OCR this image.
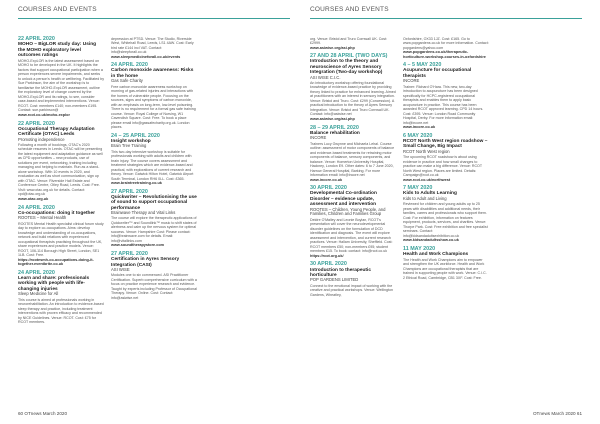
COURSES AND EVENTS	COURSES AND EVENTS
22 APRIL 2020
MOHO – BigLOR study day: Using the MOHO exploratory level outcomes ratings
MOHO-ExpLOR is the latest assessment based on MOHO to be developed in the UK. It highlights the factors that support occupational participation when a person experiences severe impairments, and seeks to unlock a person's health or wellbeing. Facilitated by Sue Parkinson, the aim of the workshop is to familiarise the MOHO-ExpLOR assessment, outline the exploratory level of change covered by the MOHO-ExpLOR and its ratings, to see, consider case-based and implemented interventions. Venue: RCOT. Cost: members £140; non-members £195. Contact: sue.parkinson@
www.rcot.co.uk/moho-explor
22 APRIL 2020
Occupational Therapy Adaptation Certificate (OTAC) Leeds
Promoting independence
Following a month of bookings, OTAC's 2020 schedule resumes in Leeds. OTAC will be presenting the latest equipment and adaptation guidance as well as CPD opportunities – new products, use of solutions per event, networking, training including managing and helping to maintain. Run as a stand-alone workshop. With 10 events in 2020, and evaluation as well as short communication, sign up with OTAC. Venue: Riverside Hall Estate and Conference Centre, Otley Road, Leeds. Cost: Free. Visit: www.otac.org.uk for details. Contact: cpd@otac.org.uk
www.otac.org.uk
24 APRIL 2020
Co-occupations: doing it together
ROOTES – Mental Health
ROOTES Mental Health specialist clinical forum study day to explore co-occupations. Aims: develop knowledge and understanding of co-occupations, network and build relations with experienced occupational therapists practising throughout the UK, share experiences and practice models. Venue: ROOT, 106-114 Borough High Street, London, SE1 1LB. Cost: Free.
https://rootesmh-co-occupations-doing-it-together.eventbrite.co.uk
24 APRIL 2020
Learn and share: professionals working with people with life-changing injuries
Sleep Medicine for All
This course is aimed at professionals working in neurorehabilitation. An introduction to evidence-based sleep therapy and practice, including treatment interventions with proven efficacy and recommended by NICE Guidelines. Venue: RCOT. Cost: £75 for RCOT members.
depression at PTSD. Venue: The Studio, Riverside West, Whitehall Road, Leeds, LS1 4AW. Cost: Early bird rate £144 incl VAT. Contact: info@sleepforall.co.uk
www.sleepmedicineforall.co.uk/events
24 APRIL 2020
Carbon monoxide awareness: Risks in the home
Gas Safe Charity
Free carbon monoxide awareness workshop on morning of gas-related injuries and interactions with the homes of vulnerable people. Focusing on the sources, signs and symptoms of carbon monoxide, with an emphasis on long-term, low-level poisoning. There is no requirement for a formal gas safe training course. Venue: Royal College of Nursing, W1 Cavendish Square. Cost: Free. To book a place please email info@gassafecharity.org.uk. London places.
24 – 25 APRIL 2020
Insight workshop
Brain Tree Training
This two-day intensive workshop is suitable for professionals working with adults and children with brain injury. The course covers assessment and treatment strategies which are evidence-based and practical, with explorations of current research and theory. Venue: Gatwick Hilton Hotel, Gatwick Airport South Terminal, London RH6 0LL. Cost: £365.
www.braintreetraining.co.uk
27 APRIL 2020
Quickwriter – Revolutionising the use of sound to support occupational performance
Brainwave Therapy and Vital Links
The course will explore the therapeutic applications of Quickwriter™ and Soundlink™ music to shift states of alertness and calm up the nervous system for optimal success. Venue: Hampshire Cost: Please contact: info@brainwave.com for details. Email: info@vitallinks.com
www.soundtherapystore.com
27 APRIL 2020
Certification in Ayres Sensory Integration (CASI)
ASI WISE
Modules one to six commenced. ASI Practitioner Certification. Superb comprehensive curriculum with a focus on practice experience research and evidence. Taught by experts including Professor of Occupational Therapy. Venue: Online. Cost: Contact: info@asiwise.net
org. Venue: Bristol and Truro Cornwall UK. Cost: £2999.
www.asiwise.org/asi.php
27 AND 28 APRIL (TWO DAYS)
Introduction to the theory and neuroscience of Ayres Sensory Integration (Two-day workshop)
ASI WISE C.I.C.
An introductory workshop offering foundational knowledge of evidence-based practice by providing theory linked to practice for enhanced learning. Aimed at practitioners with an interest in sensory integration. Venue: Bristol and Truro. Cost: £299 (Concession). A practical introduction to the theory of Ayres Sensory Integration. Venue: Bristol and Truro Cornwall UK. Contact: info@asiwise.net
www.asiwise.org/asi.php
28 – 29 APRIL 2020
Balance rehabilitation
INCORE
Trainers Lucy Gwynne and Michaela Lehal. Course outline: assessment of motor components of balance and evidence-based treatments for retraining motor components of balance, sensory components, and balance. Venue: Homerton University Hospital, Hackney, London E9. Other dates: 6 to 7 June 2020, Harrow General Hospital, Barking. For more information email: info@incore.net
www.incore.co.uk
30 APRIL 2020
Developmental Co-ordination Disorder – evidence update, assessment and intervention
ROOTES – Children, Young People, and Families, Children and Families Group
Deidre O'Malley and Leonie Boylan, RCOT's presentation will cover the neurodevelopmental disorder guidelines on the formulation of DCD identification and diagnosis. The event will explore assessment and intervention, and current research practices. Venue: Hallam University, Sheffield. Cost: RCOT members £50; non-members £95; student members £15. To book: contact: info@rcot.co.uk
https://rcot.org.uk/
30 APRIL 2020
Introduction to therapeutic horticulture
POP GARDENS LIMITED
Connect to the emotional impact of working with the creative and practical workshops. Venue: Wellington Gardens, Wheatley,
Oxfordshire, OX33 1JZ. Cost: £165. Go to www.popgardens.co.uk for more information. Contact: popgardens@yahoo.com
www.popgardens.co.uk/therapeutic-horticulture-workshop-courses-in-oxfordshire
4 – 5 MAY 2020
Acupuncture for occupational therapists
INCORE
Trainer: Richard O'Hara. This new, two-day introduction to acupuncture has been designed specifically for HCPC-registered occupational therapists and enables them to apply basic acupuncture in practice. This course has been awarded RCOT approved learning. CPD 14 hours. Cost: £395. Venue: London Road Community Hospital, Derby. For more information email: info@incore.net
www.incore.co.uk
6 MAY 2020
RCOT North West region roadshow – Small Change, Big Impact
RCOT North West region
The upcoming RCOT roadshow is about using evidence in practice and how small changes to practice can make a big difference. Venue: RCOT North West region. Places are limited. Details: Campaign@rcot.co.uk
www.rcot.co.uk/northwest
7 MAY 2020
Kids to Adults Learning
Kids to Adult and Living
Reviewed for children and young adults up to 25 years with disabilities and additional needs, their families, carers and professionals who support them. Cost: For exhibition, information on features equipment, products, services, and charities. Venue: Thorpe Park. Cost: Free exhibition and free specialist seminars. Contact: info@kidsandadultsexhibition.co.uk
www.kidsandadultsshow.co.uk
11 MAY 2020
Health and Work Champions
The Health and Work Champions aim to empower and strengthen the UK workforce. Health and Work Champions are occupational therapists that are trained in supporting people with work. Venue: C.I.C. 2 Ethical Road, Cambridge, CB1 3XF. Cost: Free.
60 OTnews March 2020	OTnews March 2020 61
